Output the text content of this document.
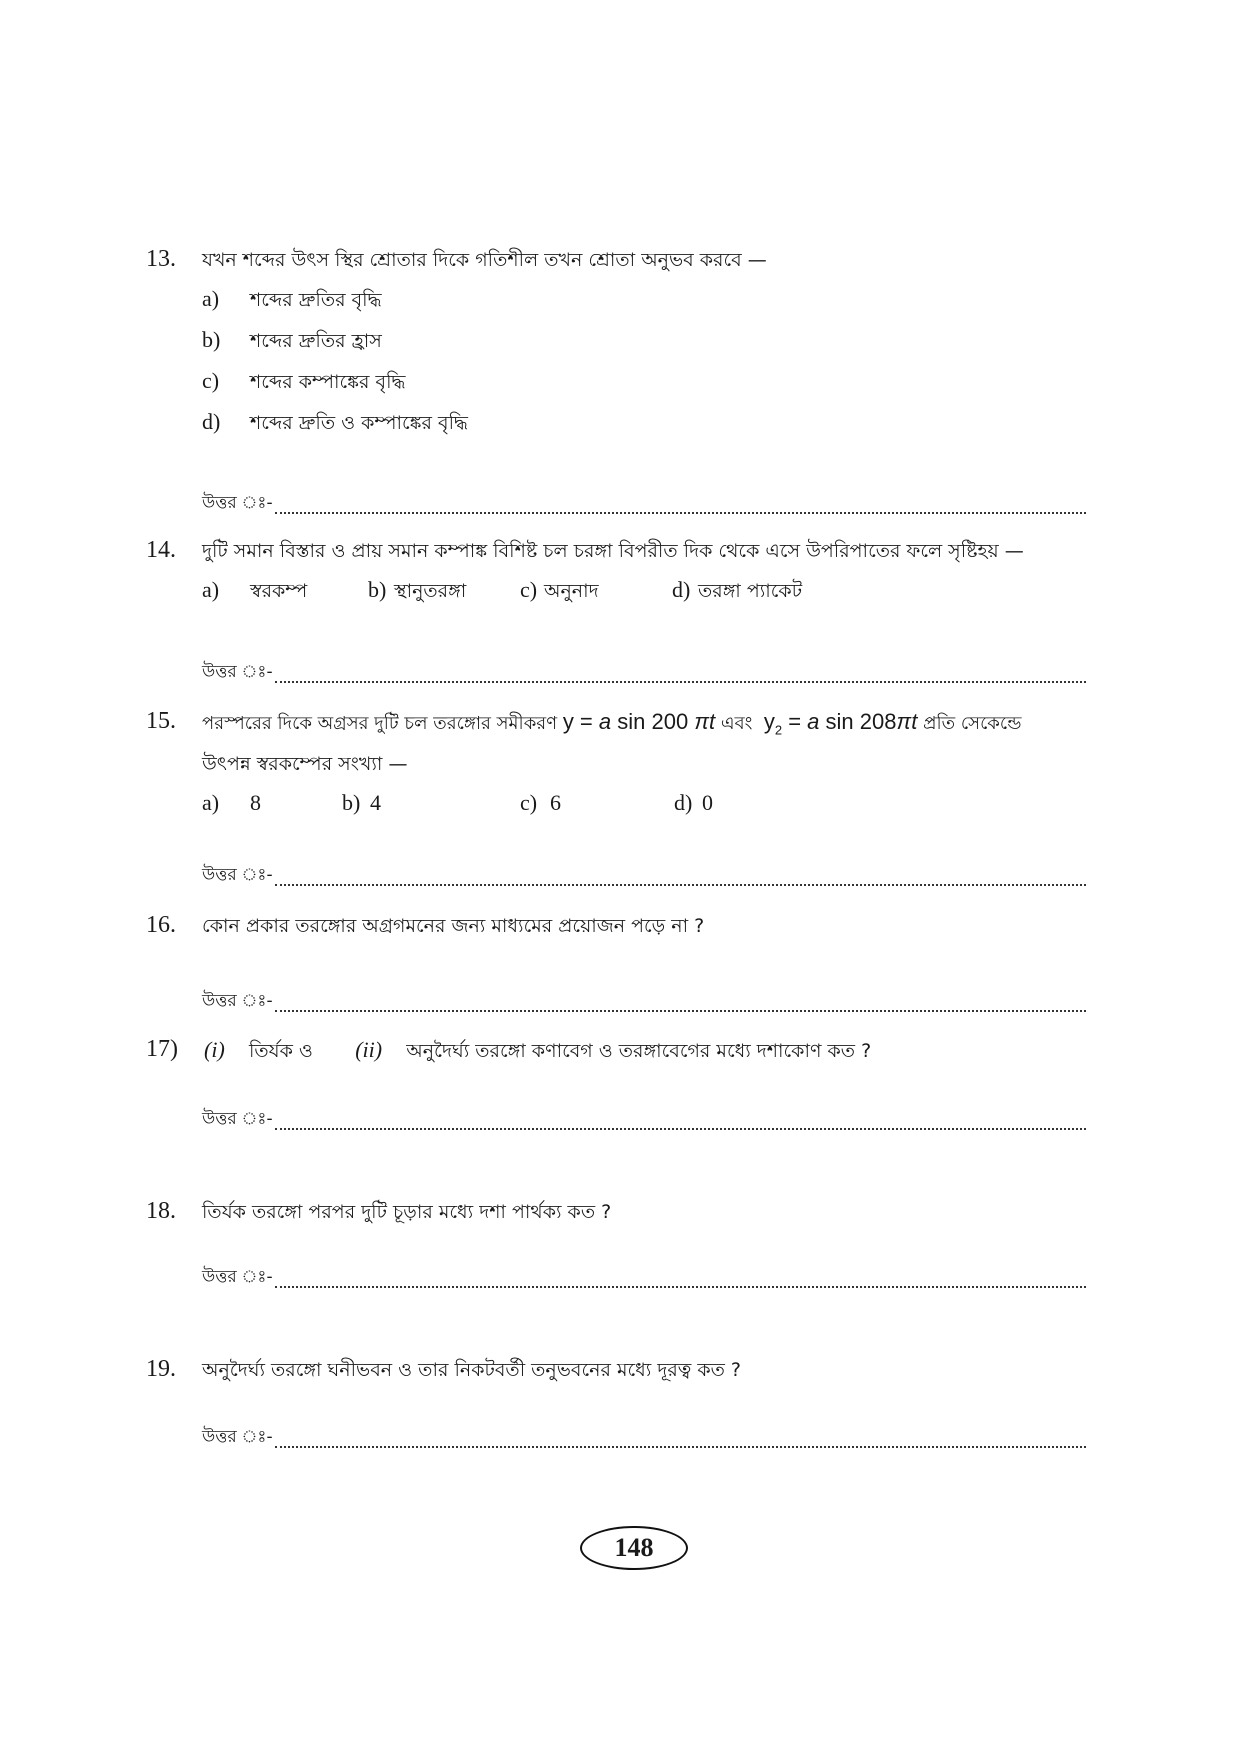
13. যখন শব্দের উৎস স্থির শ্রোতার দিকে গতিশীল তখন শ্রোতা অনুভব করবে —
a) শব্দের দ্রুতির বৃদ্ধি
b) শব্দের দ্রুতির হ্রাস
c) শব্দের কম্পাঙ্কের বৃদ্ধি
d) শব্দের দ্রুতি ও কম্পাঙ্কের বৃদ্ধি
উত্তর ঃ-
14. দুটি সমান বিস্তার ও প্রায় সমান কম্পাঙ্ক বিশিষ্ট চল চরঙ্গা বিপরীত দিক থেকে এসে উপরিপাতের ফলে সৃষ্টিহয় —
a) স্বরকম্প	b) স্থানুতরঙ্গা c) অনুনাদ	d) তরঙ্গা প্যাকেট
উত্তর ঃ-
15. পরস্পরের দিকে অগ্রসর দুটি চল তরঙ্গোর সমীকরণ y = a sin 200 πt এবং $y_2 = a$ sin 208πt প্রতি সেকেন্ডে
উৎপন্ন স্বরকম্পের সংখ্যা —
a) 8	b) 4	c) 6	d) 0
উত্তর ঃ-
16. কোন প্রকার তরঙ্গোর অগ্রগমনের জন্য মাধ্যমের প্রয়োজন পড়ে না ?
উত্তর ঃ-
17) (i) তির্যক ও (ii) অনুদৈর্ঘ্য তরঙ্গো কণাবেগ ও তরঙ্গাবেগের মধ্যে দশাকোণ কত ?
উত্তর ঃ-
18. তির্যক তরঙ্গো পরপর দুটি চূড়ার মধ্যে দশা পার্থক্য কত ?
উত্তর ঃ-
19. অনুদৈর্ঘ্য তরঙ্গো ঘনীভবন ও তার নিকটবর্তী তনুভবনের মধ্যে দূরত্ব কত ?
উত্তর ঃ-
148
